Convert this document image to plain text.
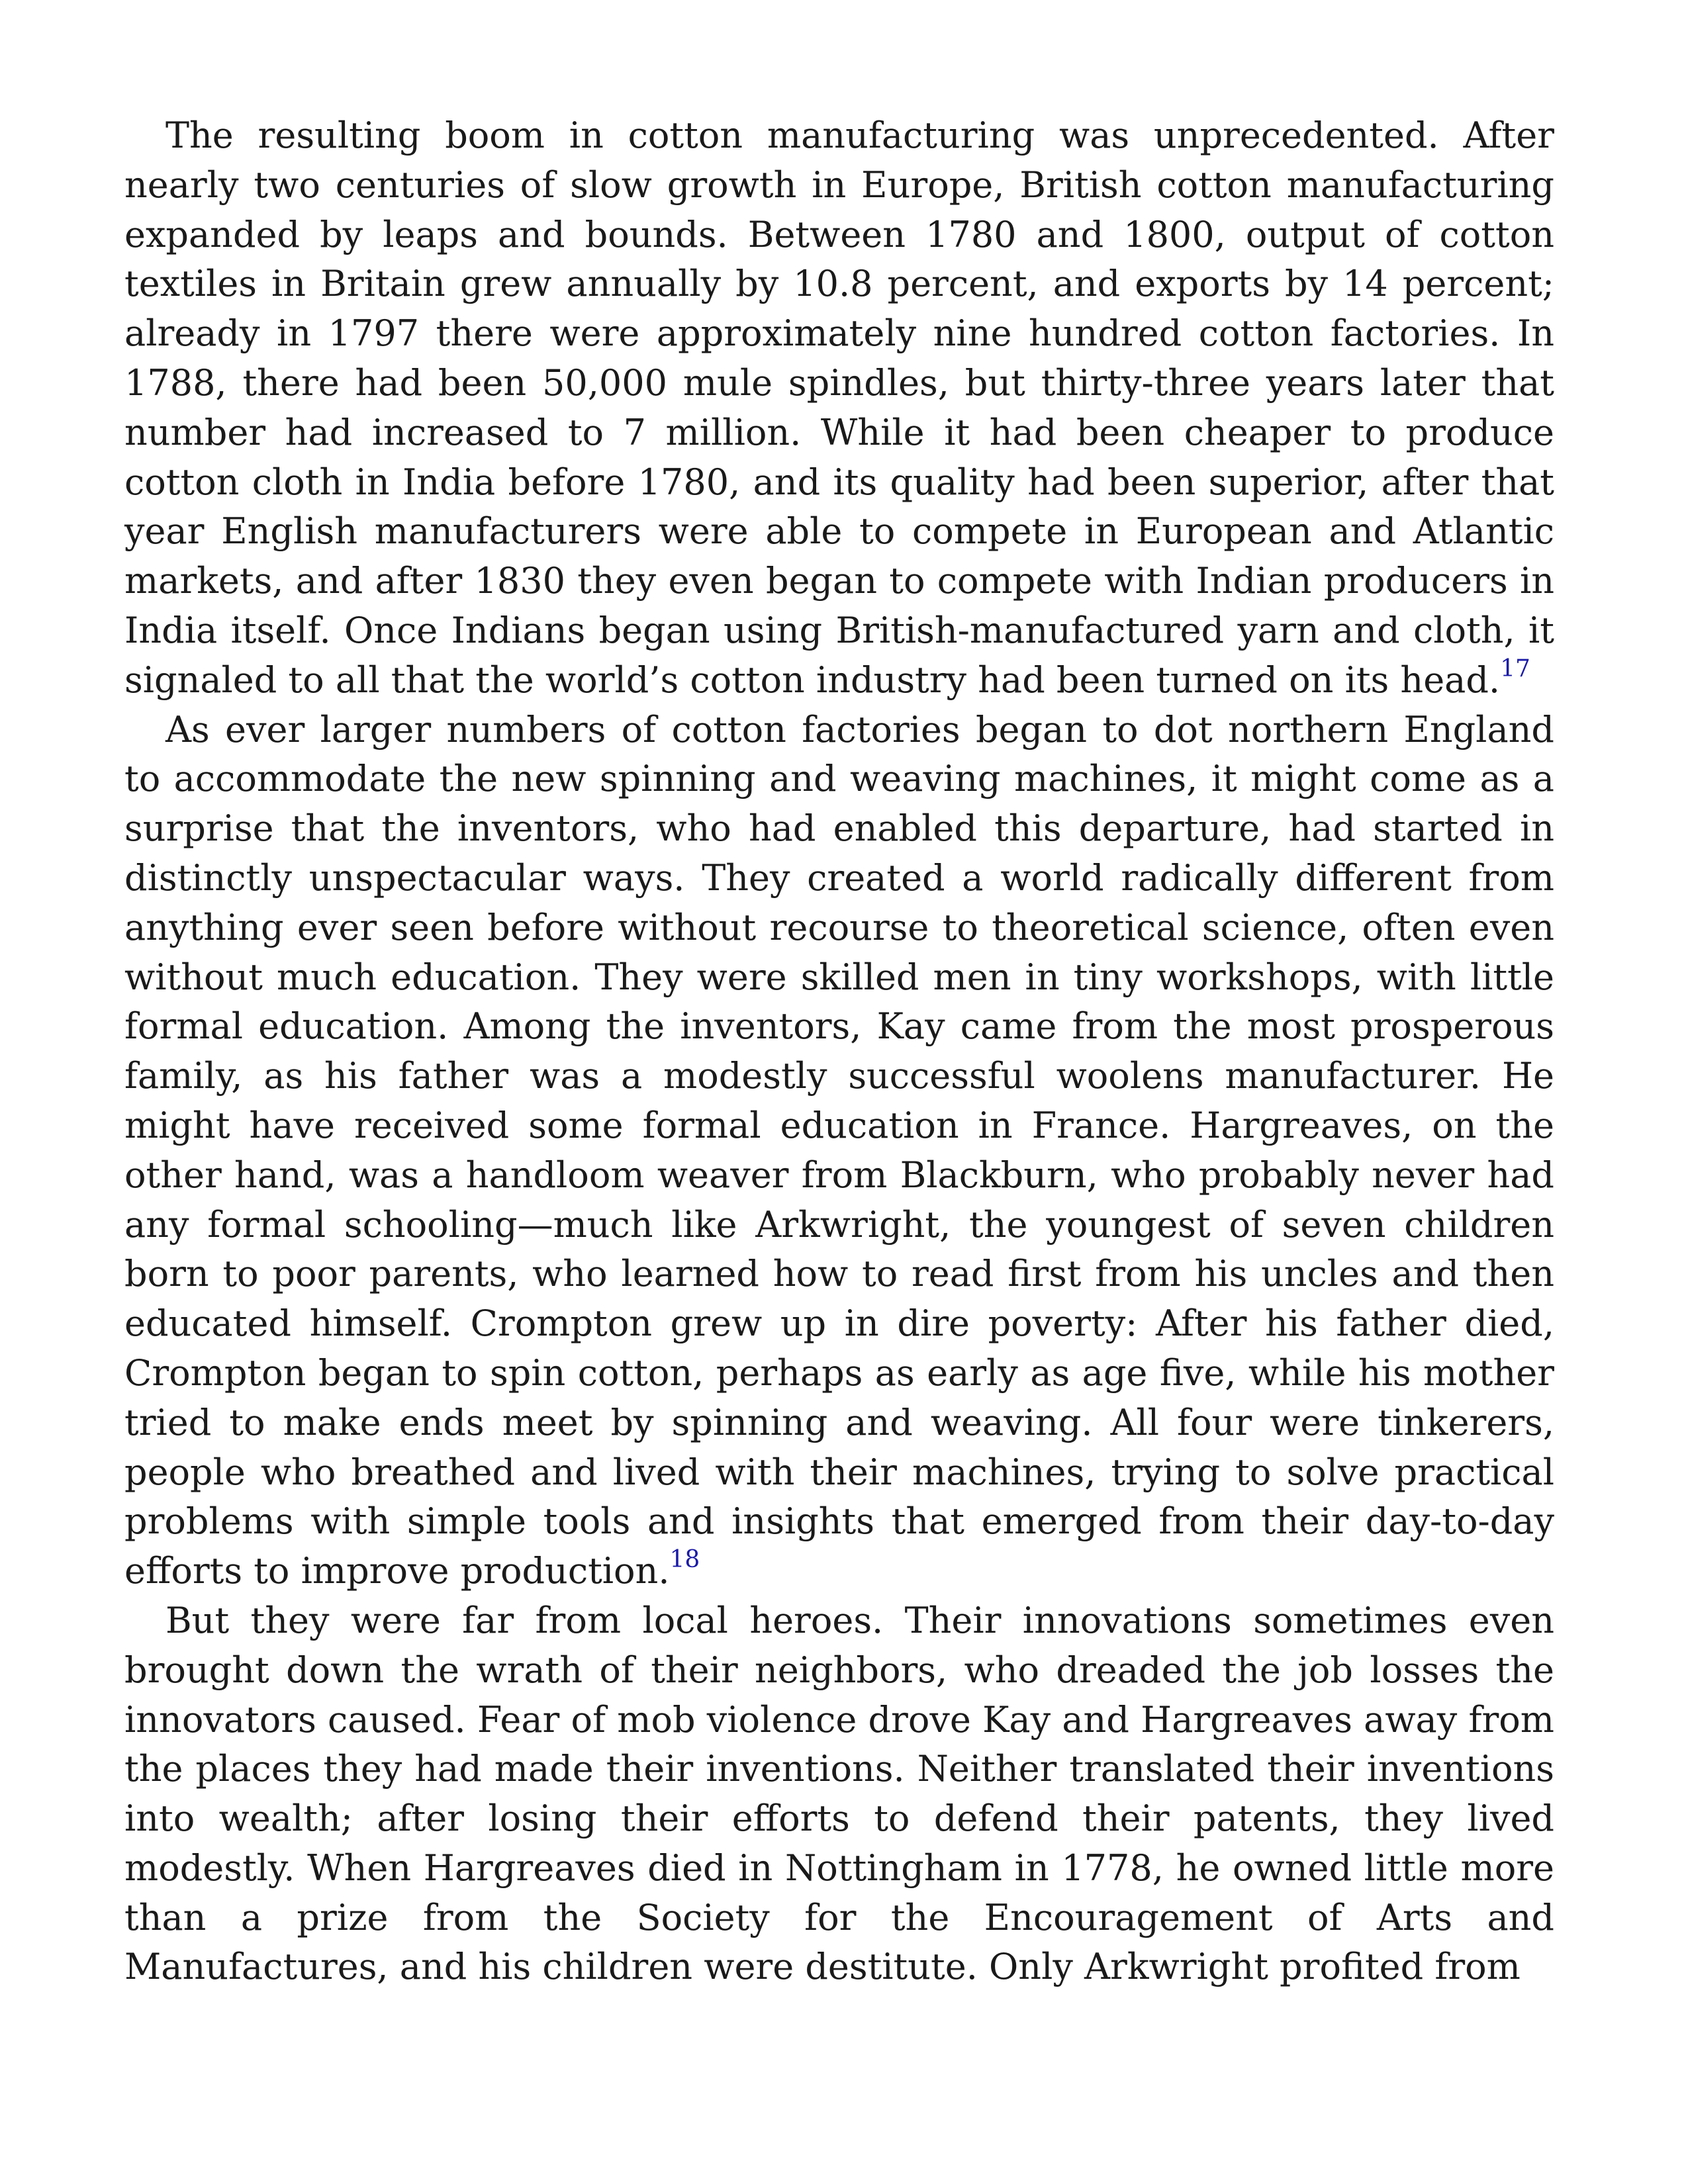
The resulting boom in cotton manufacturing was unprecedented. After nearly two centuries of slow growth in Europe, British cotton manufacturing expanded by leaps and bounds. Between 1780 and 1800, output of cotton textiles in Britain grew annually by 10.8 percent, and exports by 14 percent; already in 1797 there were approximately nine hundred cotton factories. In 1788, there had been 50,000 mule spindles, but thirty-three years later that number had increased to 7 million. While it had been cheaper to produce cotton cloth in India before 1780, and its quality had been superior, after that year English manufacturers were able to compete in European and Atlantic markets, and after 1830 they even began to compete with Indian producers in India itself. Once Indians began using British-manufactured yarn and cloth, it signaled to all that the world’s cotton industry had been turned on its head.$^{17}$

As ever larger numbers of cotton factories began to dot northern England to accommodate the new spinning and weaving machines, it might come as a surprise that the inventors, who had enabled this departure, had started in distinctly unspectacular ways. They created a world radically different from anything ever seen before without recourse to theoretical science, often even without much education. They were skilled men in tiny workshops, with little formal education. Among the inventors, Kay came from the most prosperous family, as his father was a modestly successful woolens manufacturer. He might have received some formal education in France. Hargreaves, on the other hand, was a handloom weaver from Blackburn, who probably never had any formal schooling—much like Arkwright, the youngest of seven children born to poor parents, who learned how to read first from his uncles and then educated himself. Crompton grew up in dire poverty: After his father died, Crompton began to spin cotton, perhaps as early as age five, while his mother tried to make ends meet by spinning and weaving. All four were tinkerers, people who breathed and lived with their machines, trying to solve practical problems with simple tools and insights that emerged from their day-to-day efforts to improve production.$^{18}$

But they were far from local heroes. Their innovations sometimes even brought down the wrath of their neighbors, who dreaded the job losses the innovators caused. Fear of mob violence drove Kay and Hargreaves away from the places they had made their inventions. Neither translated their inventions into wealth; after losing their efforts to defend their patents, they lived modestly. When Hargreaves died in Nottingham in 1778, he owned little more than a prize from the Society for the Encouragement of Arts and Manufactures, and his children were destitute. Only Arkwright profited from
